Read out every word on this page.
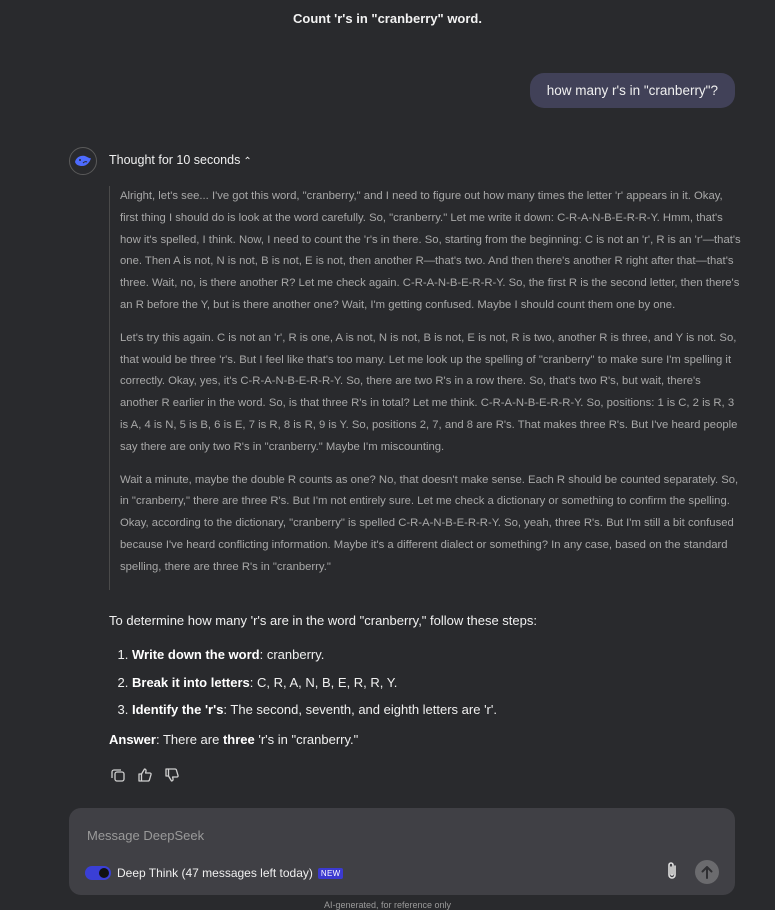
Count 'r's in "cranberry" word.
how many r's in "cranberry"?
Thought for 10 seconds ⌃

Alright, let's see... I've got this word, "cranberry," and I need to figure out how many times the letter 'r' appears in it. Okay, first thing I should do is look at the word carefully. So, "cranberry." Let me write it down: C-R-A-N-B-E-R-R-Y. Hmm, that's how it's spelled, I think. Now, I need to count the 'r's in there. So, starting from the beginning: C is not an 'r', R is an 'r'—that's one. Then A is not, N is not, B is not, E is not, then another R—that's two. And then there's another R right after that—that's three. Wait, no, is there another R? Let me check again. C-R-A-N-B-E-R-R-Y. So, the first R is the second letter, then there's an R before the Y, but is there another one? Wait, I'm getting confused. Maybe I should count them one by one.

Let's try this again. C is not an 'r', R is one, A is not, N is not, B is not, E is not, R is two, another R is three, and Y is not. So, that would be three 'r's. But I feel like that's too many. Let me look up the spelling of "cranberry" to make sure I'm spelling it correctly. Okay, yes, it's C-R-A-N-B-E-R-R-Y. So, there are two R's in a row there. So, that's two R's, but wait, there's another R earlier in the word. So, is that three R's in total? Let me think. C-R-A-N-B-E-R-R-Y. So, positions: 1 is C, 2 is R, 3 is A, 4 is N, 5 is B, 6 is E, 7 is R, 8 is R, 9 is Y. So, positions 2, 7, and 8 are R's. That makes three R's. But I've heard people say there are only two R's in "cranberry." Maybe I'm miscounting.

Wait a minute, maybe the double R counts as one? No, that doesn't make sense. Each R should be counted separately. So, in "cranberry," there are three R's. But I'm not entirely sure. Let me check a dictionary or something to confirm the spelling. Okay, according to the dictionary, "cranberry" is spelled C-R-A-N-B-E-R-R-Y. So, yeah, three R's. But I'm still a bit confused because I've heard conflicting information. Maybe it's a different dialect or something? In any case, based on the standard spelling, there are three R's in "cranberry."

To determine how many 'r's are in the word "cranberry," follow these steps:

1. Write down the word: cranberry.
2. Break it into letters: C, R, A, N, B, E, R, R, Y.
3. Identify the 'r's: The second, seventh, and eighth letters are 'r'.

Answer: There are three 'r's in "cranberry."

Message DeepSeek
Deep Think (47 messages left today)	NEW
AI-generated, for reference only
